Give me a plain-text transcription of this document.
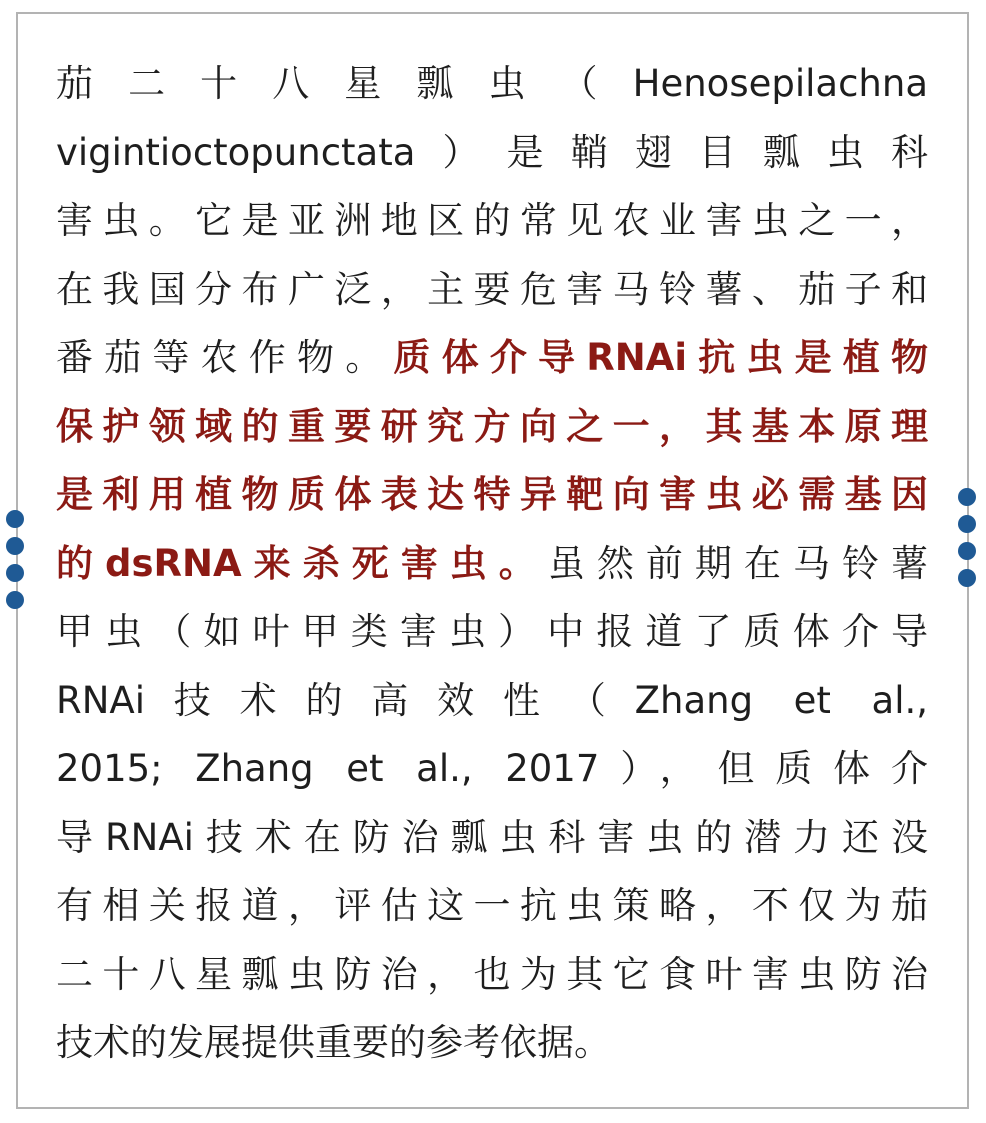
茄二十八星瓢虫（Henosepilachna
vigintioctopunctata）是鞘翅目瓢虫科
害虫。它是亚洲地区的常见农业害虫之一，
在我国分布广泛，主要危害马铃薯、茄子和
番茄等农作物。质体介导RNAi抗虫是植物
保护领域的重要研究方向之一，其基本原理
是利用植物质体表达特异靶向害虫必需基因
的dsRNA来杀死害虫。虽然前期在马铃薯
甲虫（如叶甲类害虫）中报道了质体介导
RNAi技术的高效性（Zhang et al.,
2015; Zhang et al., 2017），但质体介
导RNAi技术在防治瓢虫科害虫的潜力还没
有相关报道，评估这一抗虫策略，不仅为茄
二十八星瓢虫防治，也为其它食叶害虫防治
技术的发展提供重要的参考依据。
